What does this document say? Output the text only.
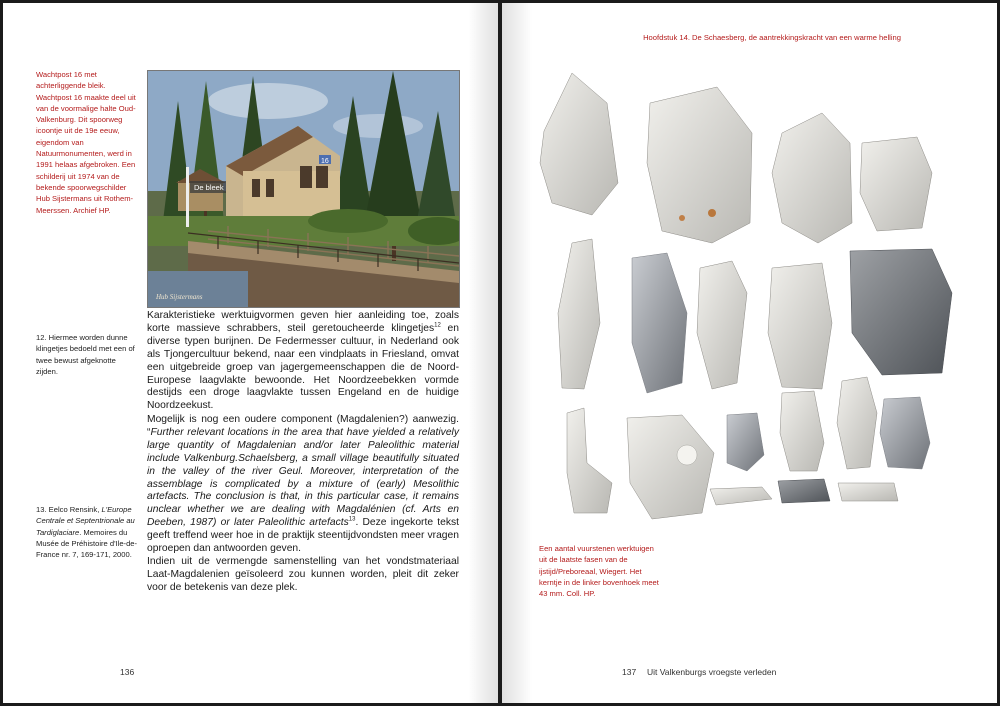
Wachtpost 16 met achterliggende bleik. Wachtpost 16 maakte deel uit van de voormalige halte Oud-Valkenburg. Dit spoorweg icoontje uit de 19e eeuw, eigendom van Natuurmonumenten, werd in 1991 helaas afgebroken. Een schilderij uit 1974 van de bekende spoorwegschilder Hub Sijstermans uit Rothem-Meerssen. Archief HP.
16
De bleek
Hub Sijstermans
12. Hiermee worden dunne klingetjes bedoeld met een of twee bewust afgeknotte zijden.
13. Eelco Rensink, L'Europe Centrale et Septentrionale au Tardiglaciare. Memoires du Musée de Préhistoire d'Ile-de-France nr. 7, 169-171, 2000.

Karakteristieke werktuigvormen geven hier aanleiding toe, zoals korte massieve schrabbers, steil geretoucheerde klingetjes$^{12}$ en diverse typen burijnen. De Federmesser cultuur, in Nederland ook als Tjongercultuur bekend, naar een vindplaats in Friesland, omvat een uitgebreide groep van jagergemeenschappen die de Noord-Europese laagvlakte bewoonde. Het Noordzeebekken vormde destijds een droge laagvlakte tussen Engeland en de huidige Noordzeekust.

Mogelijk is nog een oudere component (Magdalenien?) aanwezig. “Further relevant locations in the area that have yielded a relatively large quantity of Magdalenian and/or later Paleolithic material include Valkenburg.Schaelsberg, a small village beautifully situated in the valley of the river Geul. Moreover, interpretation of the assemblage is complicated by a mixture of (early) Mesolithic artefacts. The conclusion is that, in this particular case, it remains unclear whether we are dealing with Magdalénien (cf. Arts en Deeben, 1987) or later Paleolithic artefacts$^{13}$. Deze ingekorte tekst geeft treffend weer hoe in de praktijk steentijdvondsten meer vragen oproepen dan antwoorden geven.

Indien uit de vermengde samenstelling van het vondstmateriaal Laat-Magdalenien geïsoleerd zou kunnen worden, pleit dit zeker voor de betekenis van deze plek.

136
Hoofdstuk 14. De Schaesberg, de aantrekkingskracht van een warme helling
Een aantal vuurstenen werktuigen uit de laatste fasen van de ijstijd/Preboreaal, Wiegert. Het kerntje in de linker bovenhoek meet 43 mm. Coll. HP.
137 Uit Valkenburgs vroegste verleden
